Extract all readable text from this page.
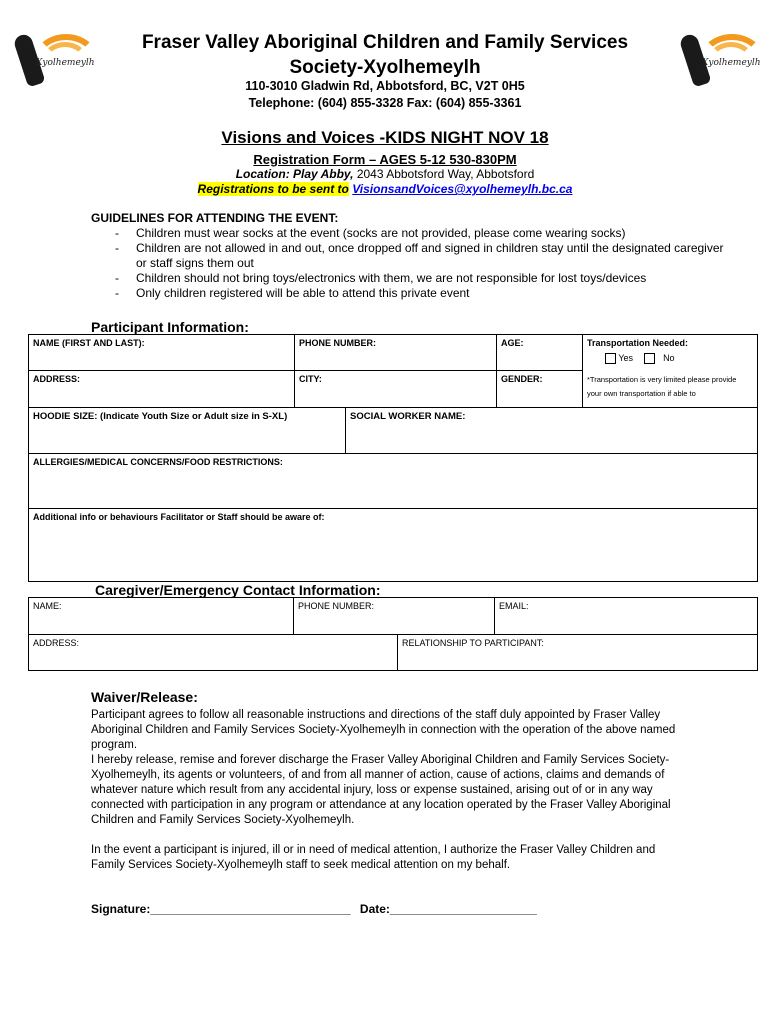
Xyolhemeylh	Xyolhemeylh
Fraser Valley Aboriginal Children and Family Services
Society-Xyolhemeylh
110-3010 Gladwin Rd, Abbotsford, BC, V2T 0H5
Telephone: (604) 855-3328 Fax: (604) 855-3361
Visions and Voices -KIDS NIGHT NOV 18
Registration Form – AGES 5-12 530-830PM
Location: Play Abby, 2043 Abbotsford Way, Abbotsford
Registrations to be sent to VisionsandVoices@xyolhemeylh.bc.ca
GUIDELINES FOR ATTENDING THE EVENT:
- Children must wear socks at the event (socks are not provided, please come wearing socks)
- Children are not allowed in and out, once dropped off and signed in children stay until the designated caregiver or staff signs them out
- Children should not bring toys/electronics with them, we are not responsible for lost toys/devices
- Only children registered will be able to attend this private event
Participant Information:
NAME (FIRST AND LAST):	PHONE NUMBER:	AGE:	Transportation Needed:
Yes	No
ADDRESS:	CITY:	GENDER:	*Transportation is very limited please provide
your own transportation if able to
HOODIE SIZE: (Indicate Youth Size or Adult size in S-XL)	SOCIAL WORKER NAME:
ALLERGIES/MEDICAL CONCERNS/FOOD RESTRICTIONS:
Additional info or behaviours Facilitator or Staff should be aware of:
Caregiver/Emergency Contact Information:
NAME:	PHONE NUMBER:	EMAIL:
ADDRESS:	RELATIONSHIP TO PARTICIPANT:
Waiver/Release:
Participant agrees to follow all reasonable instructions and directions of the staff duly appointed by Fraser Valley Aboriginal Children and Family Services Society-Xyolhemeylh in connection with the operation of the above named program.
I hereby release, remise and forever discharge the Fraser Valley Aboriginal Children and Family Services Society-Xyolhemeylh, its agents or volunteers, of and from all manner of action, cause of actions, claims and demands of whatever nature which result from any accidental injury, loss or expense sustained, arising out of or in any way connected with participation in any program or attendance at any location operated by the Fraser Valley Aboriginal Children and Family Services Society-Xyolhemeylh.
In the event a participant is injured, ill or in need of medical attention, I authorize the Fraser Valley Children and Family Services Society-Xyolhemeylh staff to seek medical attention on my behalf.
Signature:______________________________ Date:______________________
